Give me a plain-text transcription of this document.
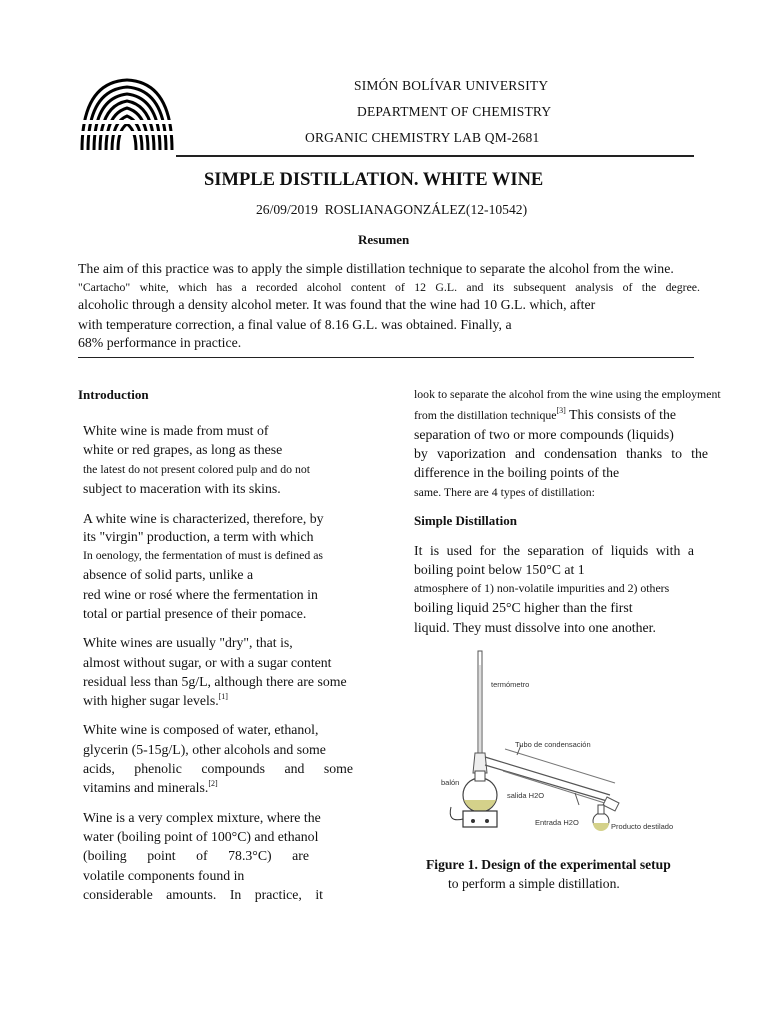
SIMÓN BOLÍVAR UNIVERSITY
DEPARTMENT OF CHEMISTRY
ORGANIC CHEMISTRY LAB QM-2681
SIMPLE DISTILLATION. WHITE WINE
26/09/2019  ROSLIANAGONZÁLEZ(12-10542)
Resumen
The aim of this practice was to apply the simple distillation technique to separate the alcohol from the wine.
"Cartacho" white, which has a recorded alcohol content of 12 G.L. and its subsequent analysis of the degree.
alcoholic through a density alcohol meter. It was found that the wine had 10 G.L. which, after
with temperature correction, a final value of 8.16 G.L. was obtained. Finally, a
68% performance in practice.
Introduction
White wine is made from must of
white or red grapes, as long as these
the latest do not present colored pulp and do not
subject to maceration with its skins.
A white wine is characterized, therefore, by
its "virgin" production, a term with which
In oenology, the fermentation of must is defined as
absence of solid parts, unlike a
red wine or rosé where the fermentation in
total or partial presence of their pomace.
White wines are usually "dry", that is,
almost without sugar, or with a sugar content
residual less than 5g/L, although there are some
with higher sugar levels.[1]
White wine is composed of water, ethanol,
glycerin (5-15g/L), other alcohols and some
acids, phenolic compounds and some
vitamins and minerals.[2]
Wine is a very complex mixture, where the
water (boiling point of 100°C) and ethanol
(boiling point of 78.3°C) are
volatile components found in
considerable amounts. In practice, it
look to separate the alcohol from the wine using the employment
from the distillation technique[3] This consists of the
separation of two or more compounds (liquids)
by vaporization and condensation thanks to the
difference in the boiling points of the
same. There are 4 types of distillation:
Simple Distillation
It is used for the separation of liquids with a
boiling point below 150°C at 1
atmosphere of 1) non-volatile impurities and 2) others
boiling liquid 25°C higher than the first
liquid. They must dissolve into one another.
termómetro
Tubo de condensación
balón
salida H2O
Entrada H2O	Producto destilado
Figure 1. Design of the experimental setup
to perform a simple distillation.
